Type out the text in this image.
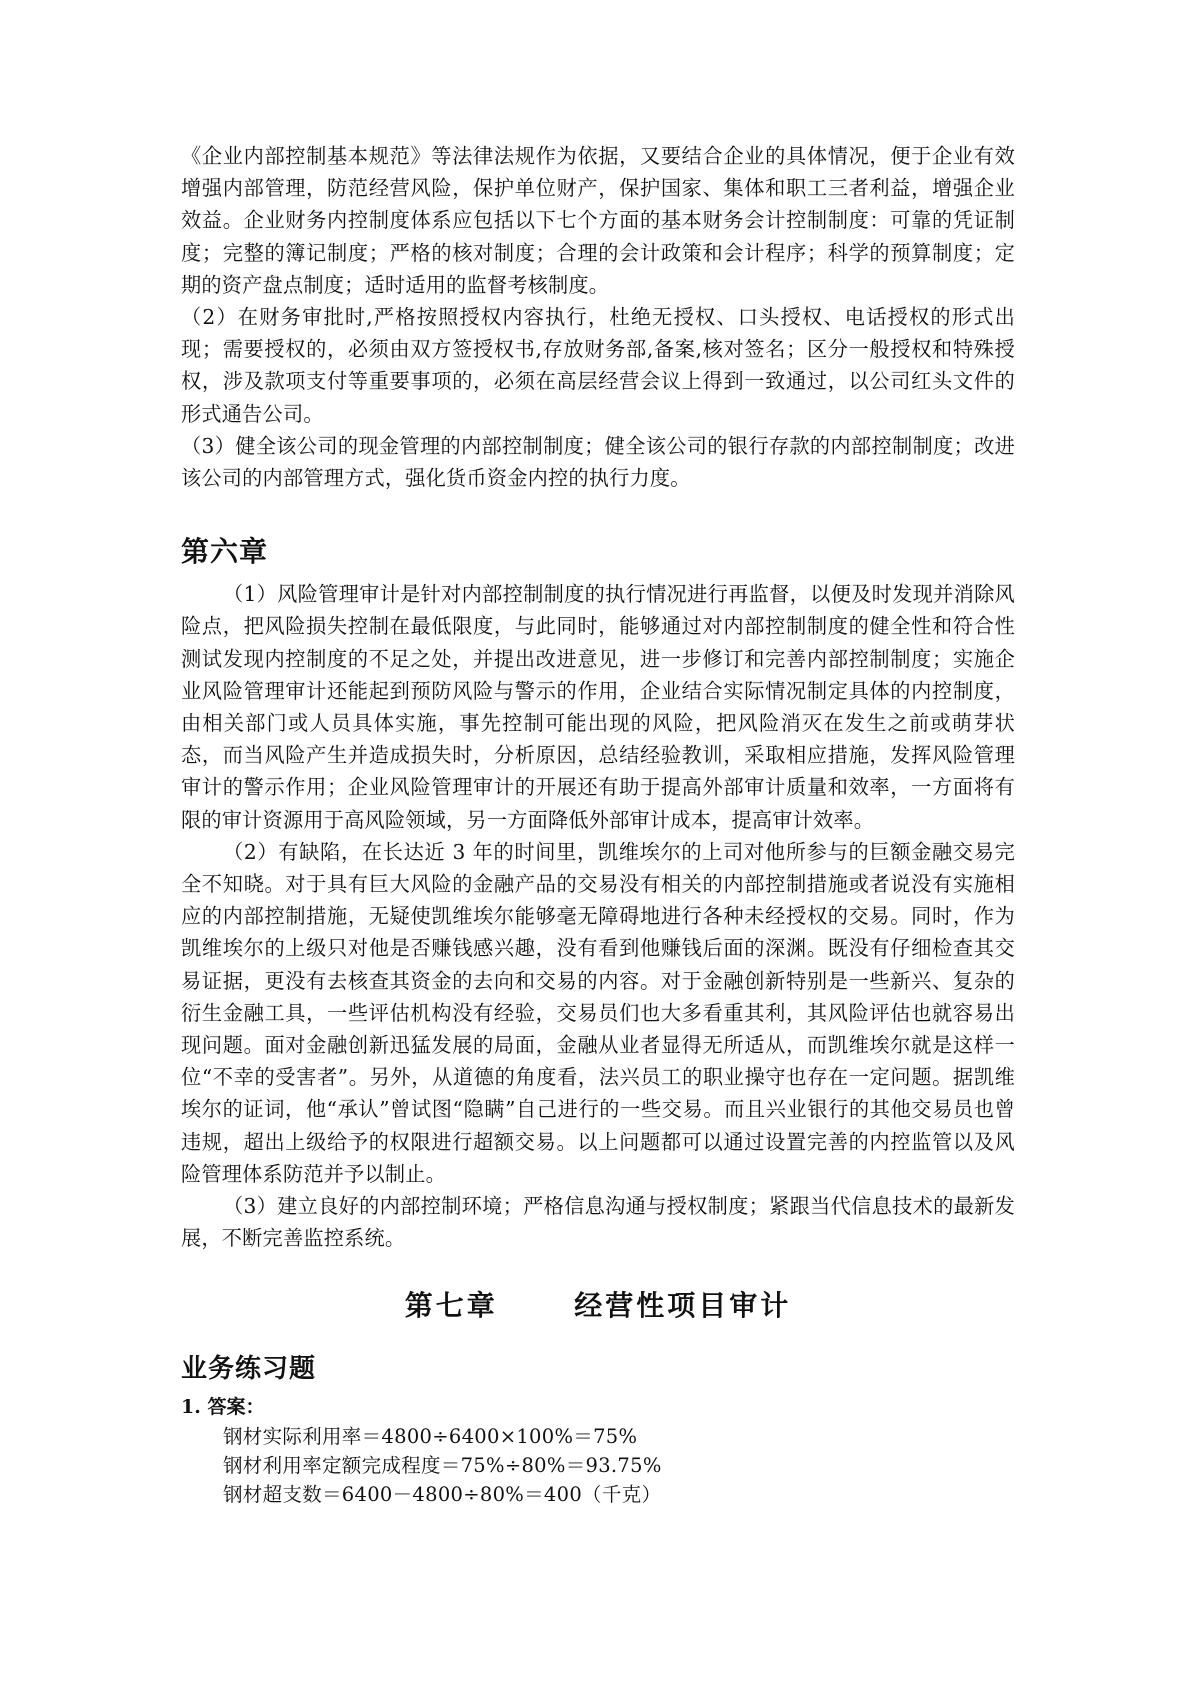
《企业内部控制基本规范》等法律法规作为依据，又要结合企业的具体情况，便于企业有效增强内部管理，防范经营风险，保护单位财产，保护国家、集体和职工三者利益，增强企业效益。企业财务内控制度体系应包括以下七个方面的基本财务会计控制制度：可靠的凭证制度；完整的簿记制度；严格的核对制度；合理的会计政策和会计程序；科学的预算制度；定期的资产盘点制度；适时适用的监督考核制度。

（2）在财务审批时,严格按照授权内容执行，杜绝无授权、口头授权、电话授权的形式出现；需要授权的，必须由双方签授权书,存放财务部,备案,核对签名；区分一般授权和特殊授权，涉及款项支付等重要事项的，必须在高层经营会议上得到一致通过，以公司红头文件的形式通告公司。

（3）健全该公司的现金管理的内部控制制度；健全该公司的银行存款的内部控制制度；改进该公司的内部管理方式，强化货币资金内控的执行力度。

第六章

（1）风险管理审计是针对内部控制制度的执行情况进行再监督，以便及时发现并消除风险点，把风险损失控制在最低限度，与此同时，能够通过对内部控制制度的健全性和符合性测试发现内控制度的不足之处，并提出改进意见，进一步修订和完善内部控制制度；实施企业风险管理审计还能起到预防风险与警示的作用，企业结合实际情况制定具体的内控制度，由相关部门或人员具体实施，事先控制可能出现的风险，把风险消灭在发生之前或萌芽状态，而当风险产生并造成损失时，分析原因，总结经验教训，采取相应措施，发挥风险管理审计的警示作用；企业风险管理审计的开展还有助于提高外部审计质量和效率，一方面将有限的审计资源用于高风险领域，另一方面降低外部审计成本，提高审计效率。

（2）有缺陷，在长达近 3 年的时间里，凯维埃尔的上司对他所参与的巨额金融交易完全不知晓。对于具有巨大风险的金融产品的交易没有相关的内部控制措施或者说没有实施相应的内部控制措施，无疑使凯维埃尔能够毫无障碍地进行各种未经授权的交易。同时，作为凯维埃尔的上级只对他是否赚钱感兴趣，没有看到他赚钱后面的深渊。既没有仔细检查其交易证据，更没有去核查其资金的去向和交易的内容。对于金融创新特别是一些新兴、复杂的衍生金融工具，一些评估机构没有经验，交易员们也大多看重其利，其风险评估也就容易出现问题。面对金融创新迅猛发展的局面，金融从业者显得无所适从，而凯维埃尔就是这样一位“不幸的受害者”。另外，从道德的角度看，法兴员工的职业操守也存在一定问题。据凯维埃尔的证词，他“承认”曾试图“隐瞒”自己进行的一些交易。而且兴业银行的其他交易员也曾违规，超出上级给予的权限进行超额交易。以上问题都可以通过设置完善的内控监管以及风险管理体系防范并予以制止。

（3）建立良好的内部控制环境；严格信息沟通与授权制度；紧跟当代信息技术的最新发展，不断完善监控系统。

第七章      经营性项目审计
业务练习题
1. 答案：

钢材实际利用率＝4800÷6400×100%＝75%

钢材利用率定额完成程度＝75%÷80%＝93.75%

钢材超支数＝6400－4800÷80%＝400（千克）
